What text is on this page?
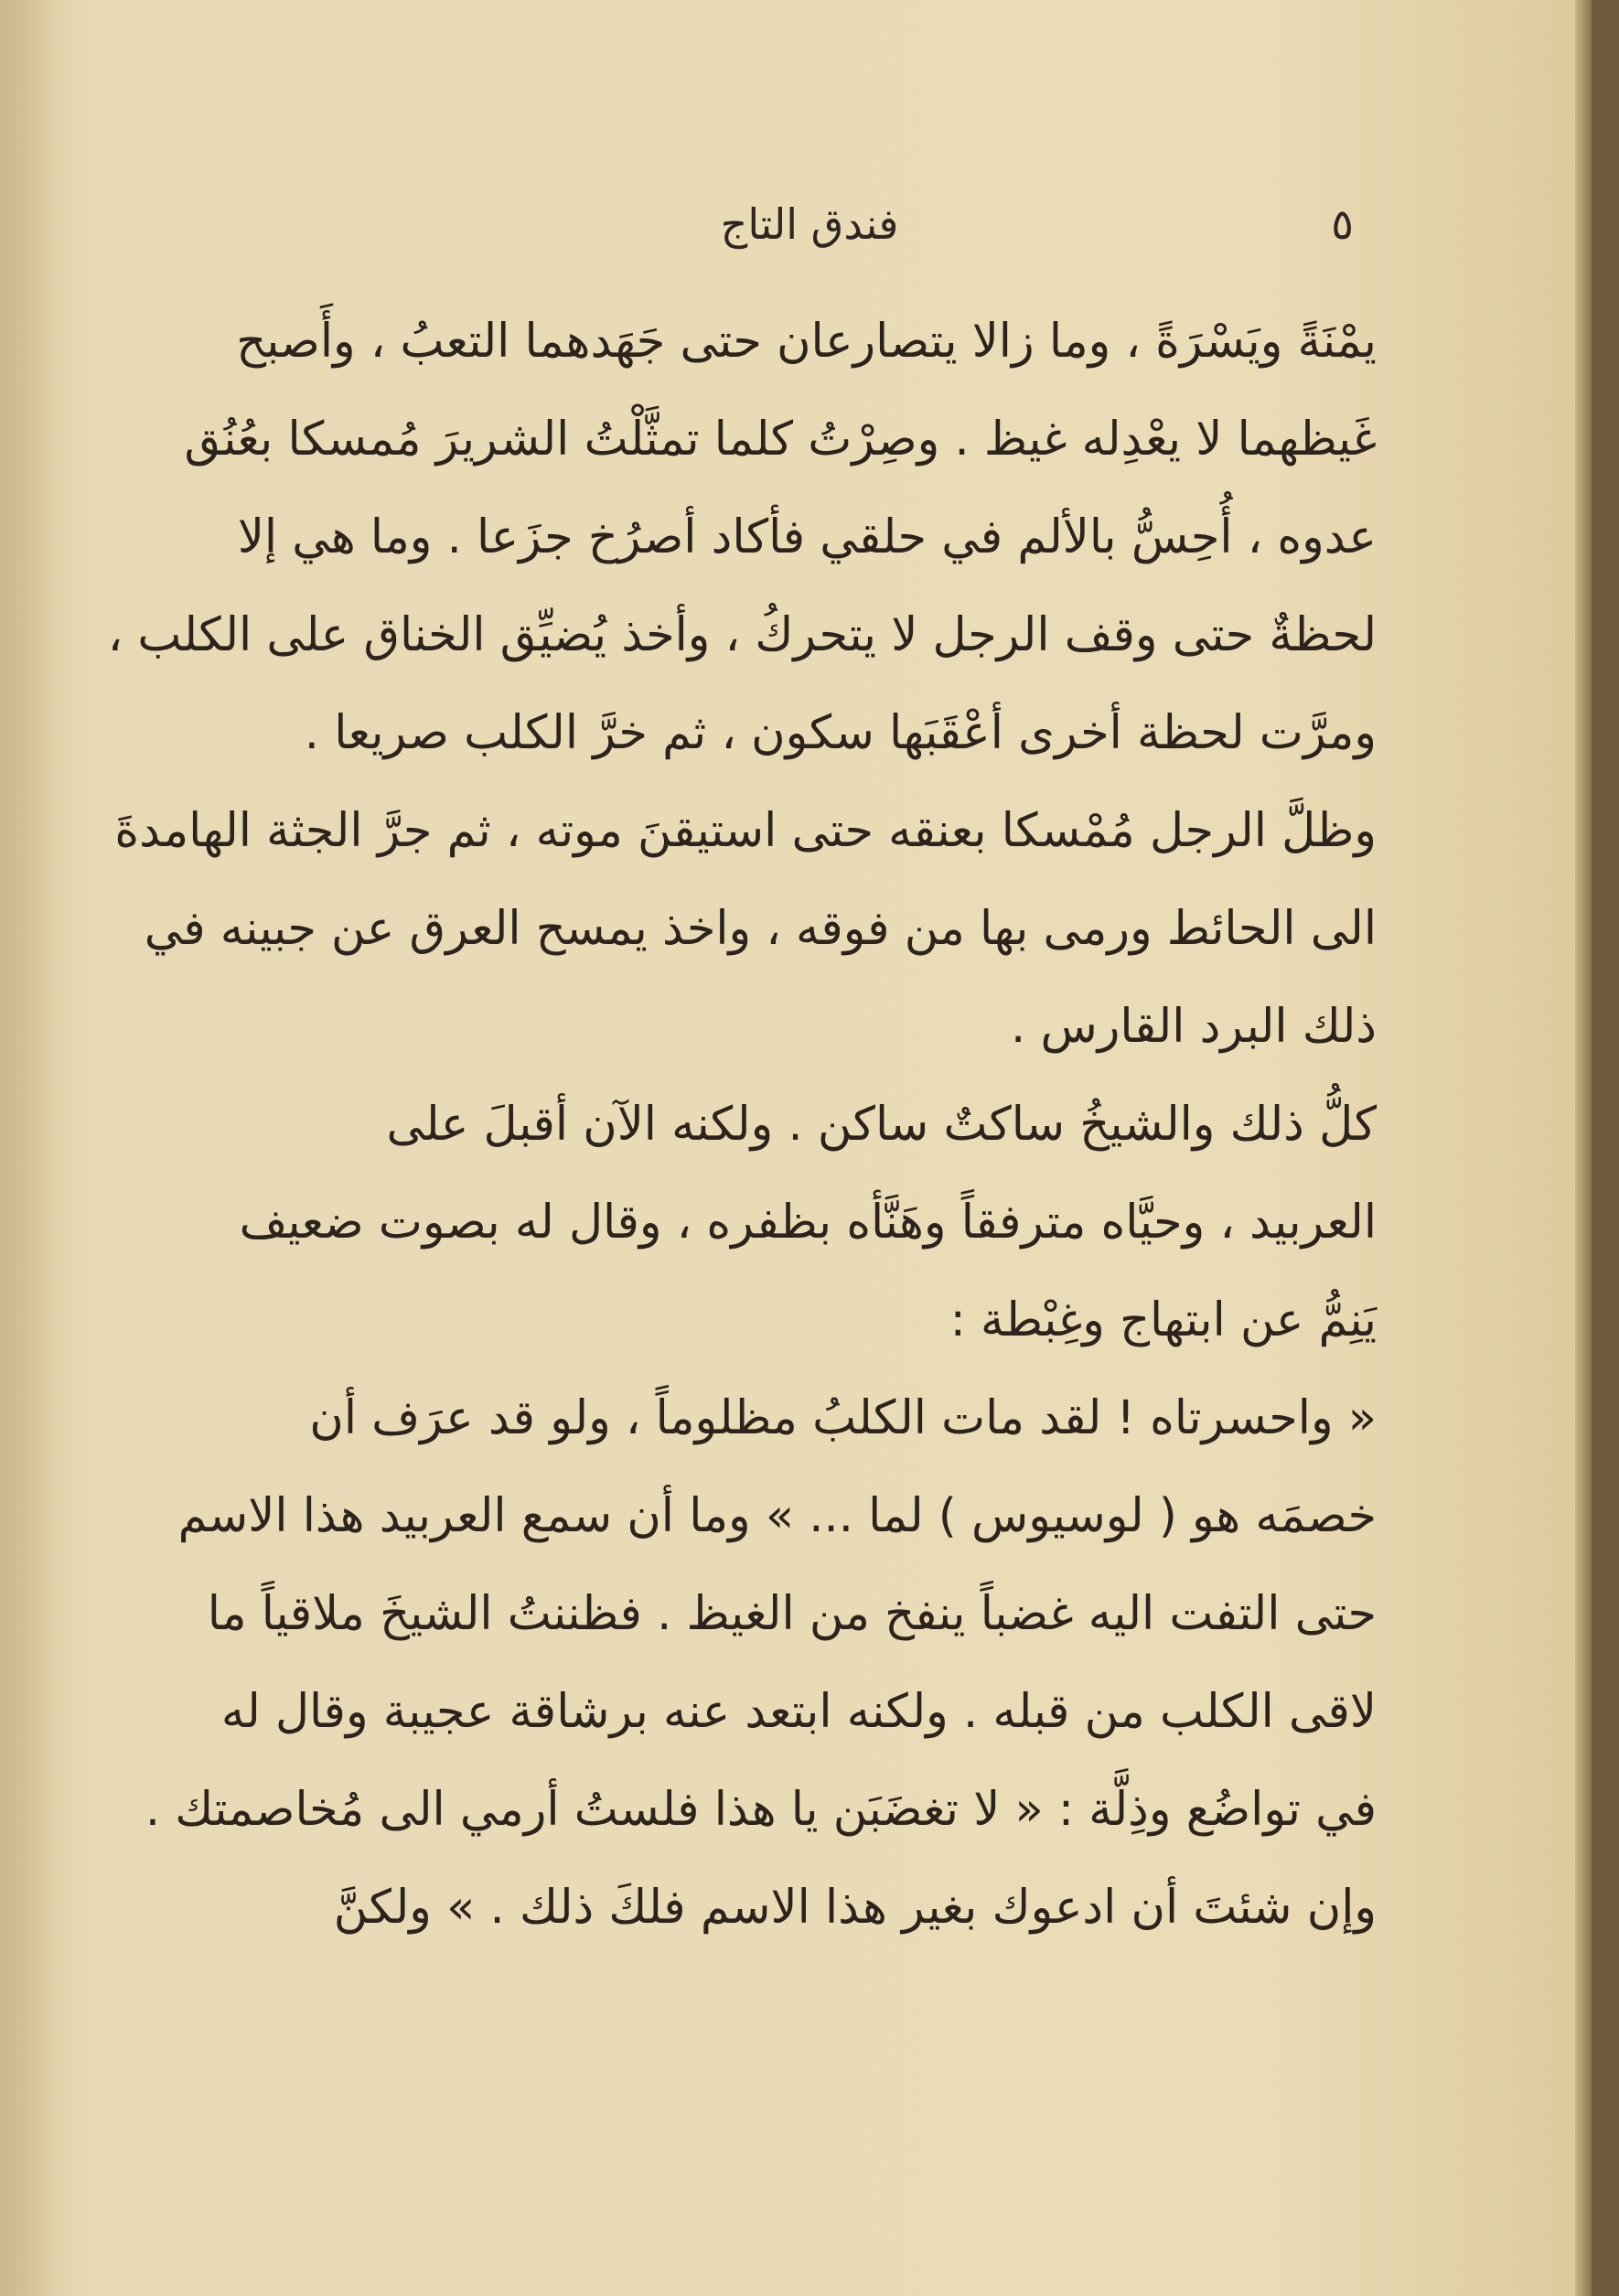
٥
فندق التاج
يمْنَةً ويَسْرَةً ، وما زالا يتصارعان حتى جَهَدهما التعبُ ، وأَصبح
غَيظهما لا يعْدِله غيظ . وصِرْتُ كلما تمثَّلْتُ الشريرَ مُمسكا بعُنُق
عدوه ، أُحِسُّ بالألم في حلقي فأكاد أصرُخ جزَعا . وما هي إلا
لحظةٌ حتى وقف الرجل لا يتحركُ ، وأخذ يُضيِّق الخناق على الكلب ،
ومرَّت لحظة أخرى أعْقَبَها سكون ، ثم خرَّ الكلب صريعا .
وظلَّ الرجل مُمْسكا بعنقه حتى استيقنَ موته ، ثم جرَّ الجثة الهامدةَ
الى الحائط ورمى بها من فوقه ، واخذ يمسح العرق عن جبينه في
ذلك البرد القارس .
كلُّ ذلك والشيخُ ساكتٌ ساكن . ولكنه الآن أقبلَ على
العربيد ، وحيَّاه مترفقاً وهَنَّأه بظفره ، وقال له بصوت ضعيف
يَنِمُّ عن ابتهاج وغِبْطة :
« واحسرتاه ! لقد مات الكلبُ مظلوماً ، ولو قد عرَف أن
خصمَه هو ( لوسيوس ) لما ... » وما أن سمع العربيد هذا الاسم
حتى التفت اليه غضباً ينفخ من الغيظ . فظننتُ الشيخَ ملاقياً ما
لاقى الكلب من قبله . ولكنه ابتعد عنه برشاقة عجيبة وقال له
في تواضُع وذِلَّة : « لا تغضَبَن يا هذا فلستُ أرمي الى مُخاصمتك .
وإن شئتَ أن ادعوك بغير هذا الاسم فلكَ ذلك . » ولكنَّ
